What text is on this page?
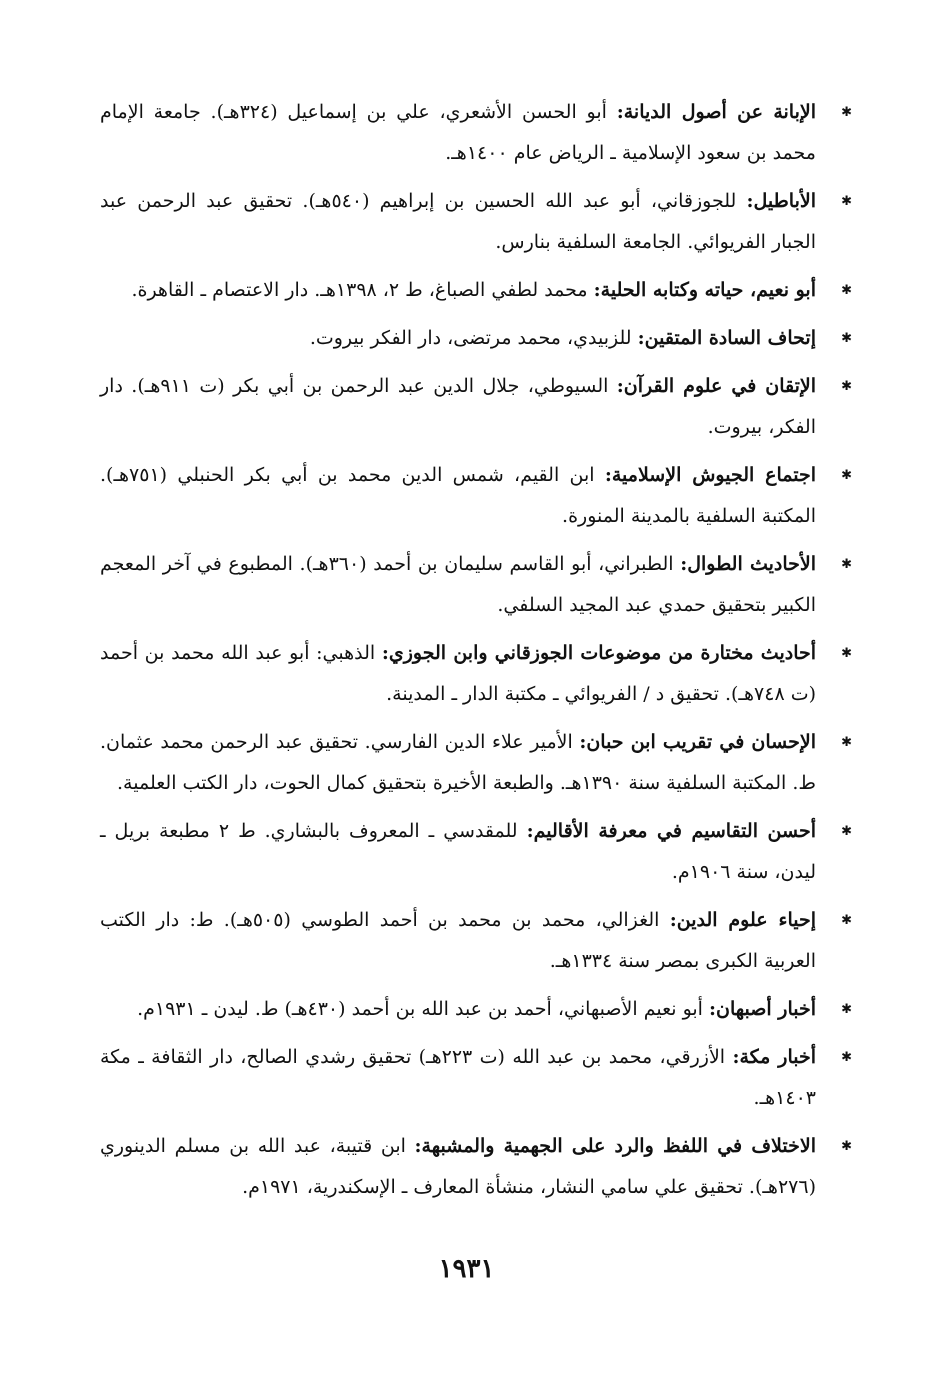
✱
الإبانة عن أصول الديانة: أبو الحسن الأشعري، علي بن إسماعيل (٣٢٤هـ). جامعة الإمام محمد بن سعود الإسلامية ـ الرياض عام ١٤٠٠هـ.
✱
الأباطيل: للجوزقاني، أبو عبد الله الحسين بن إبراهيم (٥٤٠هـ). تحقيق عبد الرحمن عبد الجبار الفريوائي. الجامعة السلفية بنارس.
✱
أبو نعيم، حياته وكتابه الحلية: محمد لطفي الصباغ، ط ٢، ١٣٩٨هـ. دار الاعتصام ـ القاهرة.
✱
إتحاف السادة المتقين: للزبيدي، محمد مرتضى، دار الفكر بيروت.
✱
الإتقان في علوم القرآن: السيوطي، جلال الدين عبد الرحمن بن أبي بكر (ت ٩١١هـ). دار الفكر، بيروت.
✱
اجتماع الجيوش الإسلامية: ابن القيم، شمس الدين محمد بن أبي بكر الحنبلي (٧٥١هـ). المكتبة السلفية بالمدينة المنورة.
✱
الأحاديث الطوال: الطبراني، أبو القاسم سليمان بن أحمد (٣٦٠هـ). المطبوع في آخر المعجم الكبير بتحقيق حمدي عبد المجيد السلفي.
✱
أحاديث مختارة من موضوعات الجوزقاني وابن الجوزي: الذهبي: أبو عبد الله محمد بن أحمد (ت ٧٤٨هـ). تحقيق د / الفريوائي ـ مكتبة الدار ـ المدينة.
✱
الإحسان في تقريب ابن حبان: الأمير علاء الدين الفارسي. تحقيق عبد الرحمن محمد عثمان. ط. المكتبة السلفية سنة ١٣٩٠هـ. والطبعة الأخيرة بتحقيق كمال الحوت، دار الكتب العلمية.
✱
أحسن التقاسيم في معرفة الأقاليم: للمقدسي ـ المعروف بالبشاري. ط ٢ مطبعة بريل ـ ليدن، سنة ١٩٠٦م.
✱
إحياء علوم الدين: الغزالي، محمد بن محمد بن أحمد الطوسي (٥٠٥هـ). ط: دار الكتب العربية الكبرى بمصر سنة ١٣٣٤هـ.
✱
أخبار أصبهان: أبو نعيم الأصبهاني، أحمد بن عبد الله بن أحمد (٤٣٠هـ) ط. ليدن ـ ١٩٣١م.
✱
أخبار مكة: الأزرقي، محمد بن عبد الله (ت ٢٢٣هـ) تحقيق رشدي الصالح، دار الثقافة ـ مكة ١٤٠٣هـ.
✱
الاختلاف في اللفظ والرد على الجهمية والمشبهة: ابن قتيبة، عبد الله بن مسلم الدينوري (٢٧٦هـ). تحقيق علي سامي النشار، منشأة المعارف ـ الإسكندرية، ١٩٧١م.
١٩٣١
